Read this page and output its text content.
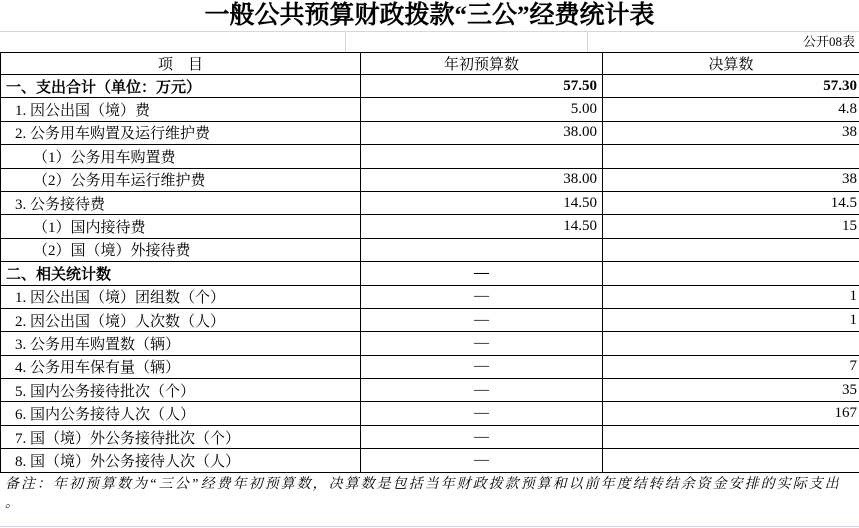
一般公共预算财政拨款“三公”经费统计表
公开08表
项　目	年初预算数	决算数
一、支出合计（单位：万元）	57.50	57.30
1. 因公出国（境）费	5.00	4.8
2. 公务用车购置及运行维护费	38.00	38
（1）公务用车购置费		
（2）公务用车运行维护费	38.00	38
3. 公务接待费	14.50	14.5
（1）国内接待费	14.50	15
（2）国（境）外接待费		
二、相关统计数	—	
1. 因公出国（境）团组数（个）	—	1
2. 因公出国（境）人次数（人）	—	1
3. 公务用车购置数（辆）	—	
4. 公务用车保有量（辆）	—	7
5. 国内公务接待批次（个）	—	35
6. 国内公务接待人次（人）	—	167
7. 国（境）外公务接待批次（个）	—	
8. 国（境）外公务接待人次（人）	—	
备注：年初预算数为“三公”经费年初预算数，决算数是包括当年财政拨款预算和以前年度结转结余资金安排的实际支出
。
